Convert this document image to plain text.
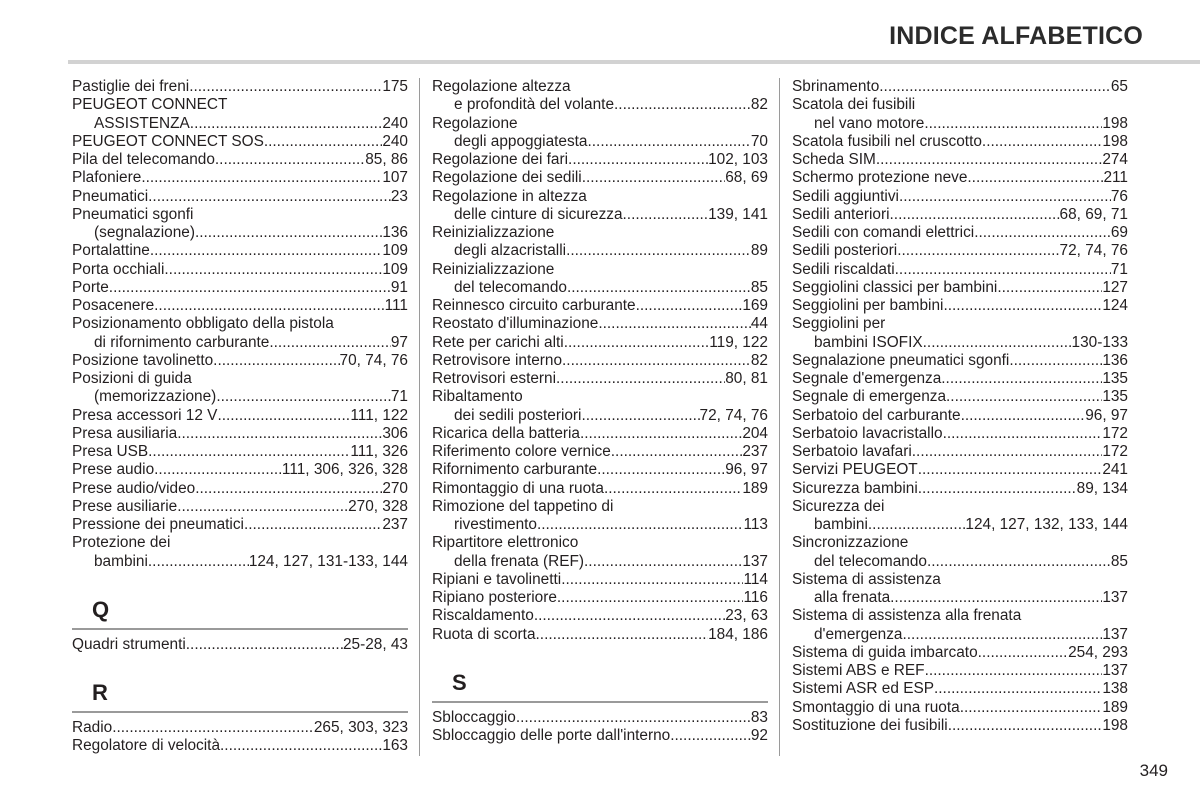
INDICE ALFABETICO
Pastiglie dei freni .....	175
PEUGEOT CONNECT
ASSISTENZA .....	240
PEUGEOT CONNECT SOS .....	240
Pila del telecomando .....	85, 86
Plafoniere .....	107
Pneumatici .....	23
Pneumatici sgonfi
(segnalazione) .....	136
Portalattine .....	109
Porta occhiali .....	109
Porte .....	91
Posacenere .....	111
Posizionamento obbligato della pistola
di rifornimento carburante .....	97
Posizione tavolinetto .....	70, 74, 76
Posizioni di guida
(memorizzazione) .....	71
Presa accessori 12 V .....	111, 122
Presa ausiliaria .....	306
Presa USB .....	111, 326
Prese audio .....	111, 306, 326, 328
Prese audio/video .....	270
Prese ausiliarie .....	270, 328
Pressione dei pneumatici .....	237
Protezione dei
bambini .....	124, 127, 131-133, 144
Q
Quadri strumenti .....	25-28, 43
R
Radio .....	265, 303, 323
Regolatore di velocità .....	163
Regolazione altezza
e profondità del volante .....	82
Regolazione
degli appoggiatesta .....	70
Regolazione dei fari .....	102, 103
Regolazione dei sedili .....	68, 69
Regolazione in altezza
delle cinture di sicurezza .....	139, 141
Reinizializzazione
degli alzacristalli .....	89
Reinizializzazione
del telecomando .....	85
Reinnesco circuito carburante .....	169
Reostato d'illuminazione .....	44
Rete per carichi alti .....	119, 122
Retrovisore interno .....	82
Retrovisori esterni .....	80, 81
Ribaltamento
dei sedili posteriori .....	72, 74, 76
Ricarica della batteria .....	204
Riferimento colore vernice .....	237
Rifornimento carburante .....	96, 97
Rimontaggio di una ruota .....	189
Rimozione del tappetino di
rivestimento .....	113
Ripartitore elettronico
della frenata (REF) .....	137
Ripiani e tavolinetti .....	114
Ripiano posteriore .....	116
Riscaldamento .....	23, 63
Ruota di scorta .....	184, 186
S
Sbloccaggio .....	83
Sbloccaggio delle porte dall'interno .....	92
Sbrinamento .....	65
Scatola dei fusibili
nel vano motore .....	198
Scatola fusibili nel cruscotto .....	198
Scheda SIM .....	274
Schermo protezione neve .....	211
Sedili aggiuntivi .....	76
Sedili anteriori .....	68, 69, 71
Sedili con comandi elettrici .....	69
Sedili posteriori .....	72, 74, 76
Sedili riscaldati .....	71
Seggiolini classici per bambini .....	127
Seggiolini per bambini .....	124
Seggiolini per
bambini ISOFIX .....	130-133
Segnalazione pneumatici sgonfi .....	136
Segnale d'emergenza .....	135
Segnale di emergenza .....	135
Serbatoio del carburante .....	96, 97
Serbatoio lavacristallo .....	172
Serbatoio lavafari .....	172
Servizi PEUGEOT .....	241
Sicurezza bambini .....	89, 134
Sicurezza dei
bambini .....	124, 127, 132, 133, 144
Sincronizzazione
del telecomando .....	85
Sistema di assistenza
alla frenata .....	137
Sistema di assistenza alla frenata
d'emergenza .....	137
Sistema di guida imbarcato .....	254, 293
Sistemi ABS e REF .....	137
Sistemi ASR ed ESP .....	138
Smontaggio di una ruota .....	189
Sostituzione dei fusibili .....	198
349
